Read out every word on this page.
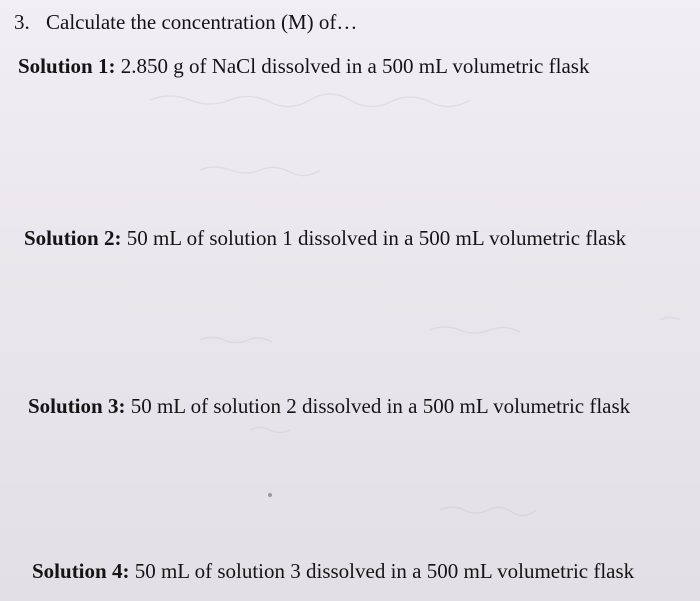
3. Calculate the concentration (M) of…
Solution 1: 2.850 g of NaCl dissolved in a 500 mL volumetric flask
Solution 2: 50 mL of solution 1 dissolved in a 500 mL volumetric flask
Solution 3: 50 mL of solution 2 dissolved in a 500 mL volumetric flask
Solution 4: 50 mL of solution 3 dissolved in a 500 mL volumetric flask
